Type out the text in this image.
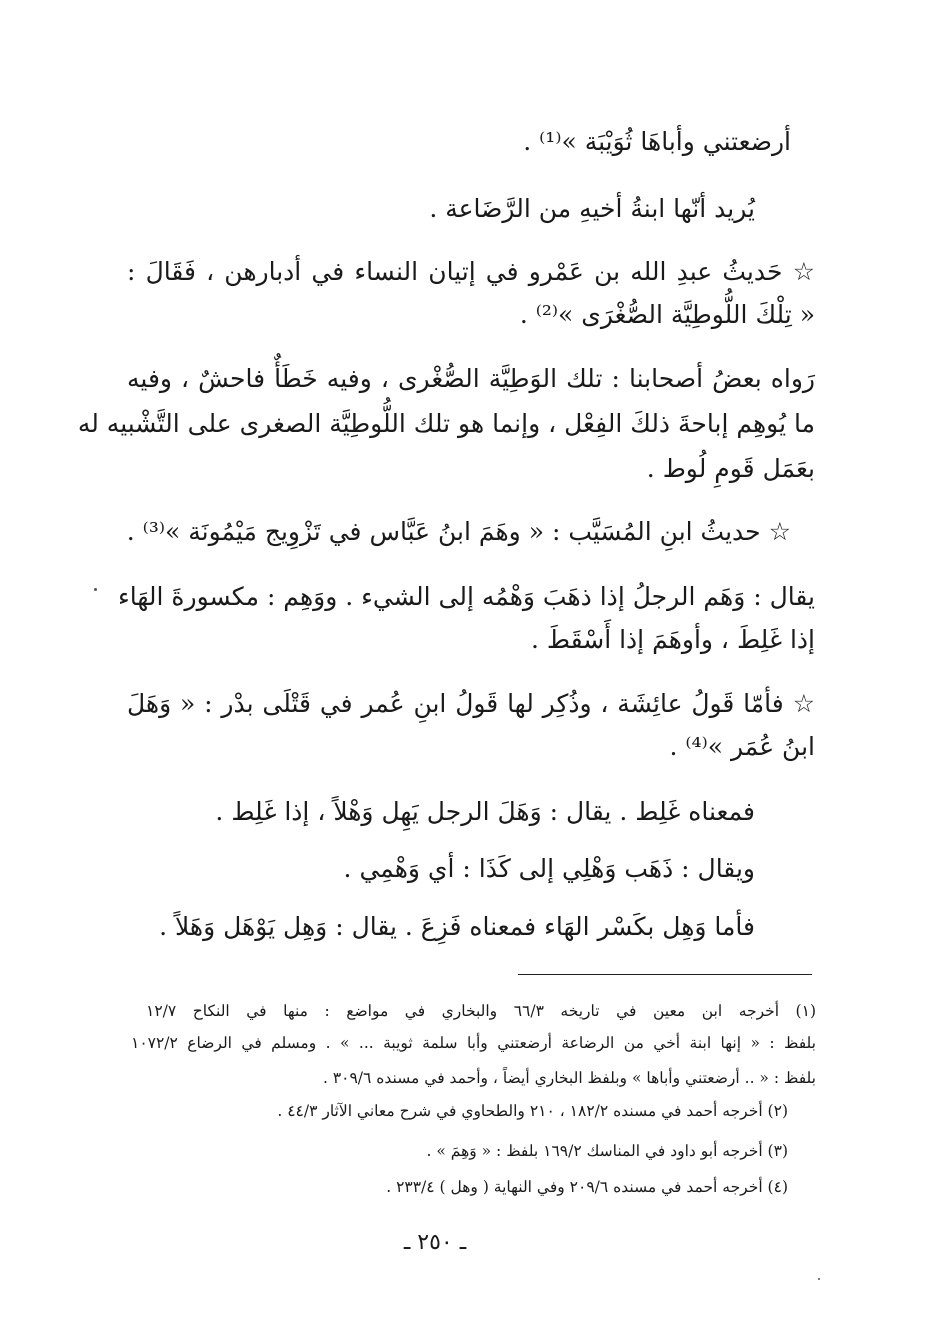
أرضعتني وأباهَا ثُوَيْبَة »⁽¹⁾ .
يُريد أنّها ابنةُ أخيهِ من الرَّضَاعة .
☆ حَديثُ عبدِ الله بن عَمْرو في إتيان النساء في أدبارهن ، فَقَالَ :
« تِلْكَ اللُّوطِيَّة الصُّغْرَى »⁽²⁾ .
رَواه بعضُ أصحابنا : تلك الوَطِيَّة الصُّغْرى ، وفيه خَطَأٌ فاحشٌ ، وفيه
ما يُوهِم إباحةَ ذلكَ الفِعْل ، وإنما هو تلك اللُّوطِيَّة الصغرى على التَّشْبيه له
بعَمَل قَومِ لُوط .
☆ حديثُ ابنِ المُسَيَّب : « وهَمَ ابنُ عَبَّاس في تَزْوِيج مَيْمُونَة »⁽³⁾ .
يقال : وَهَم الرجلُ إذا ذهَبَ وَهْمُه إلى الشيء . ووَهِم : مكسورةَ الهَاء
إذا غَلِطَ ، وأوهَمَ إذا أَسْقَطَ .
☆ فأمّا قَولُ عائِشَة ، وذُكِر لها قَولُ ابنِ عُمر في قَتْلَى بدْر : « وَهَلَ
ابنُ عُمَر »⁽⁴⁾ .
فمعناه غَلِط . يقال : وَهَلَ الرجل يَهِل وَهْلاً ، إذا غَلِط .
ويقال : ذَهَب وَهْلِي إلى كَذَا : أي وَهْمِي .
فأما وَهِل بكَسْر الهَاء فمعناه فَزِعَ . يقال : وَهِل يَوْهَل وَهَلاً .
(١) أخرجه ابن معين في تاريخه ٦٦/٣ والبخاري في مواضع : منها في النكاح ١٢/٧
بلفظ : « إنها ابنة أخي من الرضاعة أرضعتني وأبا سلمة ثويبة ... » . ومسلم في الرضاع ١٠٧٢/٢
بلفظ : « .. أرضعتني وأباها » وبلفظ البخاري أيضاً ، وأحمد في مسنده ٣٠٩/٦ .
(٢) أخرجه أحمد في مسنده ١٨٢/٢ ، ٢١٠ والطحاوي في شرح معاني الآثار ٤٤/٣ .
(٣) أخرجه أبو داود في المناسك ١٦٩/٢ بلفظ : « وَهِمَ » .
(٤) أخرجه أحمد في مسنده ٢٠٩/٦ وفي النهاية ( وهل ) ٢٣٣/٤ .
ـ ٢٥٠ ـ
